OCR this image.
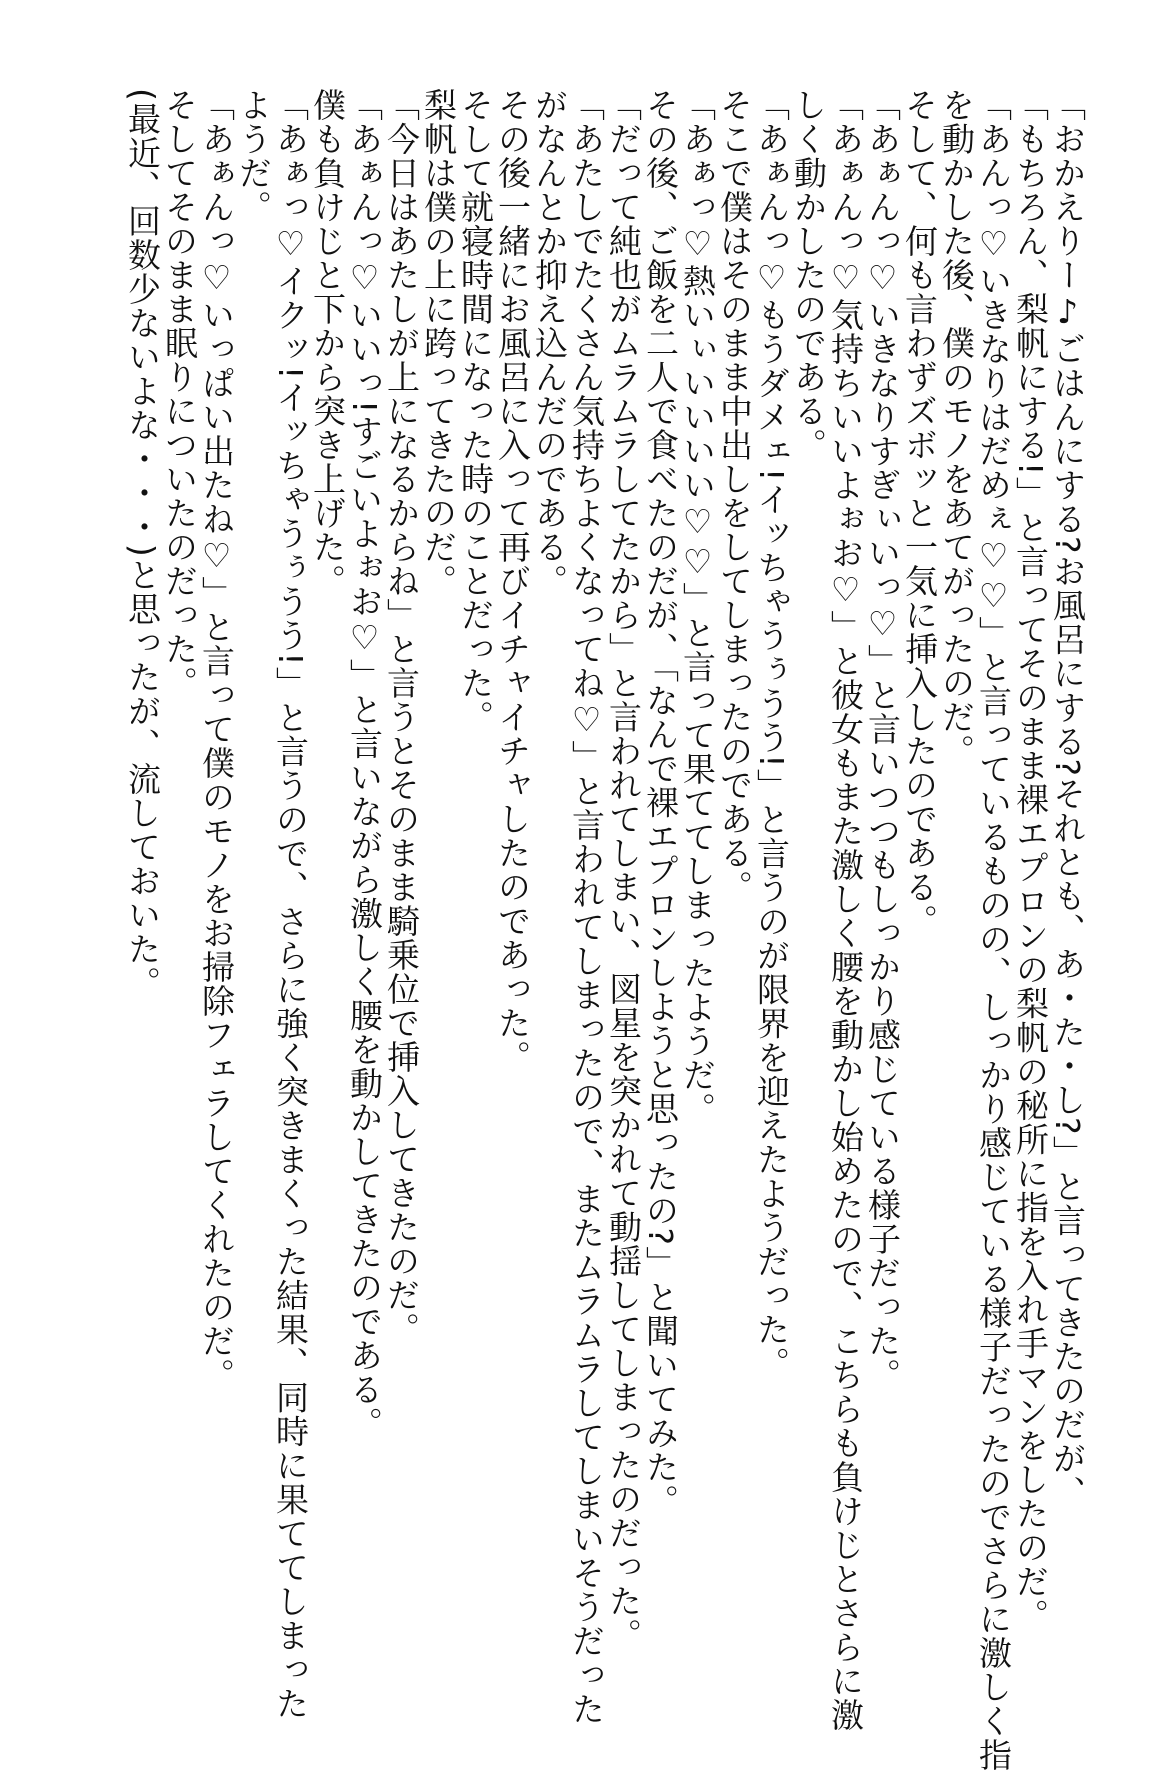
「おかえりー♪ごはんにする?お風呂にする?それとも、あ・た・し?」と言ってきたのだが、
「もちろん、梨帆にする!」と言ってそのまま裸エプロンの梨帆の秘所に指を入れ手マンをしたのだ。
「あんっ♡いきなりはだめぇ♡♡」と言っているものの、しっかり感じている様子だったのでさらに激しく指
を動かした後、僕のモノをあてがったのだ。
そして、何も言わずズボッと一気に挿入したのである。
「あぁんっ♡いきなりすぎぃいっ♡」と言いつつもしっかり感じている様子だった。
「あぁんっ♡気持ちいいよぉお♡」と彼女もまた激しく腰を動かし始めたので、こちらも負けじとさらに激
しく動かしたのである。
「あぁんっ♡もうダメェ!イッちゃうぅうう!」と言うのが限界を迎えたようだった。
そこで僕はそのまま中出しをしてしまったのである。
「あぁっ♡熱いぃいいいい♡♡」と言って果ててしまったようだ。
その後、ご飯を二人で食べたのだが、「なんで裸エプロンしようと思ったの?」と聞いてみた。
「だって純也がムラムラしてたから」と言われてしまい、図星を突かれて動揺してしまったのだった。
「あたしでたくさん気持ちよくなってね♡」と言われてしまったので、またムラムラしてしまいそうだった
がなんとか抑え込んだのである。
その後一緒にお風呂に入って再びイチャイチャしたのであった。
そして就寝時間になった時のことだった。
梨帆は僕の上に跨ってきたのだ。
「今日はあたしが上になるからね」と言うとそのまま騎乗位で挿入してきたのだ。
「あぁんっ♡いいっ!すごいよぉお♡」と言いながら激しく腰を動かしてきたのである。
僕も負けじと下から突き上げた。
「あぁっ♡イクッ!イッちゃうぅうう!」と言うので、さらに強く突きまくった結果、同時に果ててしまった
ようだ。
「あぁんっ♡いっぱい出たね♡」と言って僕のモノをお掃除フェラしてくれたのだ。
そしてそのまま眠りについたのだった。
(最近、回数少ないよな・・・)と思ったが、流しておいた。
